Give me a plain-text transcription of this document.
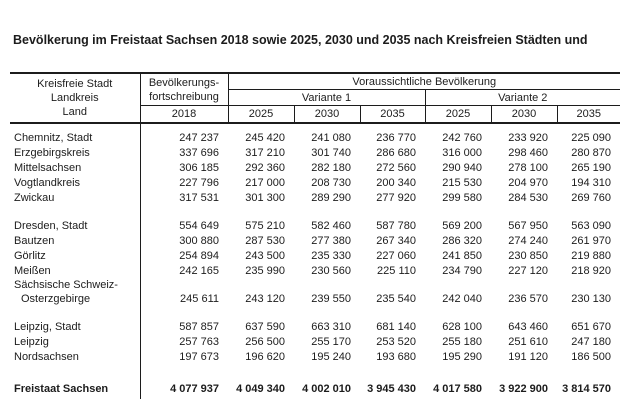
Bevölkerung im Freistaat Sachsen 2018 sowie 2025, 2030 und 2035 nach Kreisfreien Städten und
Kreisfreie Stadt
Landkreis
Land

Bevölkerungs-
fortschreibung
	Voraussichtliche Bevölkerung
		Variante 1			Variante 2		
	2018	2025	2030	2035	2025	2030	2035

Chemnitz, Stadt	247 237	245 420	241 080	236 770	242 760	233 920	225 090

Erzgebirgskreis	337 696	317 210	301 740	286 680	316 000	298 460	280 870

Mittelsachsen	306 185	292 360	282 180	272 560	290 940	278 100	265 190

Vogtlandkreis	227 796	217 000	208 730	200 340	215 530	204 970	194 310

Zwickau	317 531	301 300	289 290	277 920	299 580	284 530	269 760

Dresden, Stadt	554 649	575 210	582 460	587 780	569 200	567 950	563 090

Bautzen	300 880	287 530	277 380	267 340	286 320	274 240	261 970

Görlitz	254 894	243 500	235 330	227 060	241 850	230 850	219 880

Meißen	242 165	235 990	230 560	225 110	234 790	227 120	218 920

Sächsische Schweiz-
Osterzgebirge	245 611	243 120	239 550	235 540	242 040	236 570	230 130

Leipzig, Stadt	587 857	637 590	663 310	681 140	628 100	643 460	651 670

Leipzig	257 763	256 500	255 170	253 520	255 180	251 610	247 180

Nordsachsen	197 673	196 620	195 240	193 680	195 290	191 120	186 500

Freistaat Sachsen	4 077 937	4 049 340	4 002 010	3 945 430	4 017 580	3 922 900	3 814 570
